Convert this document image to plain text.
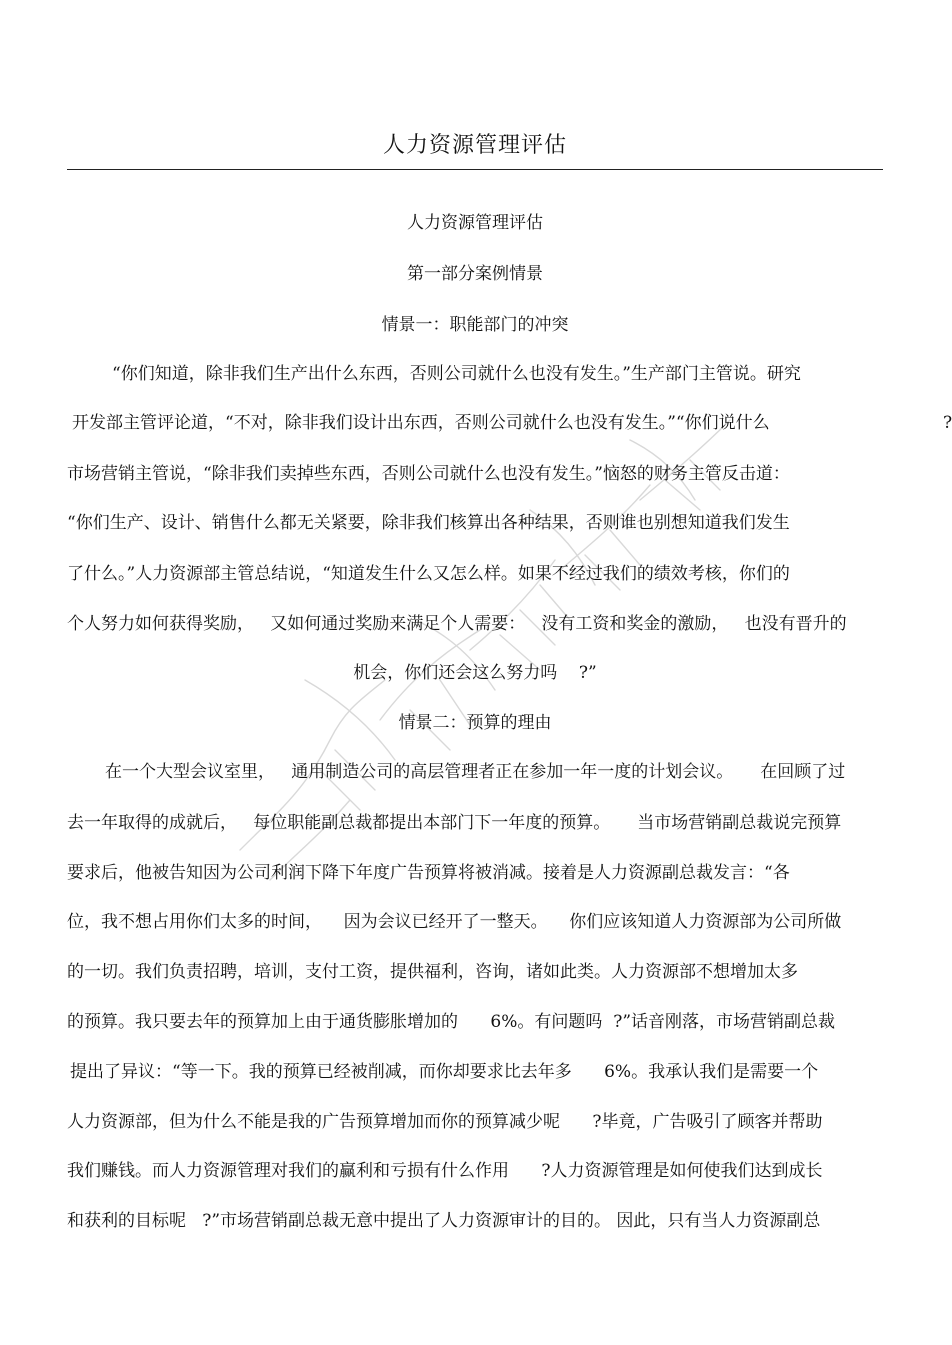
人力资源管理评估
人力资源管理评估
第一部分案例情景
情景一：职能部门的冲突
“你们知道，除非我们生产出什么东西，否则公司就什么也没有发生。”生产部门主管说。研究
开发部主管评论道，“不对，除非我们设计出东西，否则公司就什么也没有发生。”“你们说什么	?
市场营销主管说，“除非我们卖掉些东西，否则公司就什么也没有发生。”恼怒的财务主管反击道：
“你们生产、设计、销售什么都无关紧要，除非我们核算出各种结果，否则谁也别想知道我们发生
了什么。”人力资源部主管总结说，“知道发生什么又怎么样。如果不经过我们的绩效考核，你们的
个人努力如何获得奖励，   又如何通过奖励来满足个人需要：   没有工资和奖金的激励，   也没有晋升的
机会，你们还会这么努力吗    ?”
情景二：预算的理由
在一个大型会议室里，   通用制造公司的高层管理者正在参加一年一度的计划会议。     在回顾了过
去一年取得的成就后，   每位职能副总裁都提出本部门下一年度的预算。     当市场营销副总裁说完预算
要求后，他被告知因为公司利润下降下年度广告预算将被消减。接着是人力资源副总裁发言：“各
位，我不想占用你们太多的时间，    因为会议已经开了一整天。    你们应该知道人力资源部为公司所做
的一切。我们负责招聘，培训，支付工资，提供福利，咨询，诸如此类。人力资源部不想增加太多
的预算。我只要去年的预算加上由于通货膨胀增加的      6%。有问题吗  ?”话音刚落，市场营销副总裁
提出了异议：“等一下。我的预算已经被削减，而你却要求比去年多      6%。我承认我们是需要一个
人力资源部，但为什么不能是我的广告预算增加而你的预算减少呢      ?毕竟，广告吸引了顾客并帮助
我们赚钱。而人力资源管理对我们的赢利和亏损有什么作用      ?人力资源管理是如何使我们达到成长
和获利的目标呢   ?”市场营销副总裁无意中提出了人力资源审计的目的。 因此，只有当人力资源副总
